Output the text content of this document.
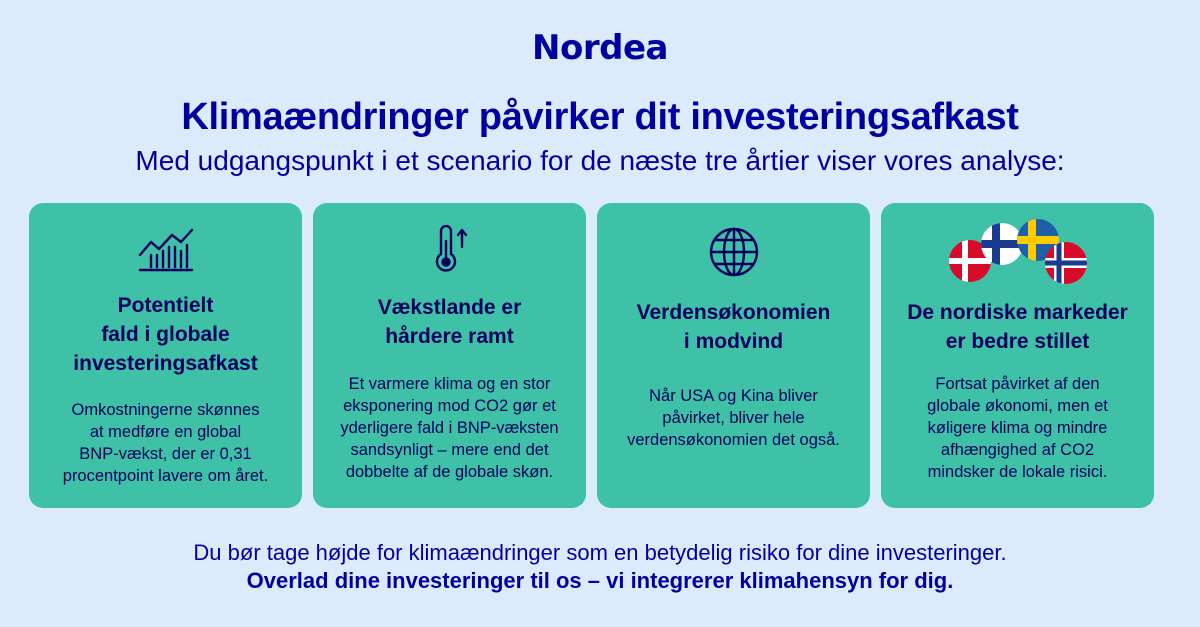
Nordea
Klimaændringer påvirker dit investeringsafkast
Med udgangspunkt i et scenario for de næste tre årtier viser vores analyse:
Potentielt
fald i globale
investeringsafkast
Omkostningerne skønnes
at medføre en global
BNP-vækst, der er 0,31
procentpoint lavere om året.
Vækstlande er
hårdere ramt
Et varmere klima og en stor
eksponering mod CO2 gør et
yderligere fald i BNP-væksten
sandsynligt – mere end det
dobbelte af de globale skøn.
Verdensøkonomien
i modvind
Når USA og Kina bliver
påvirket, bliver hele
verdensøkonomien det også.
De nordiske markeder
er bedre stillet
Fortsat påvirket af den
globale økonomi, men et
køligere klima og mindre
afhængighed af CO2
mindsker de lokale risici.
Du bør tage højde for klimaændringer som en betydelig risiko for dine investeringer.
Overlad dine investeringer til os – vi integrerer klimahensyn for dig.
